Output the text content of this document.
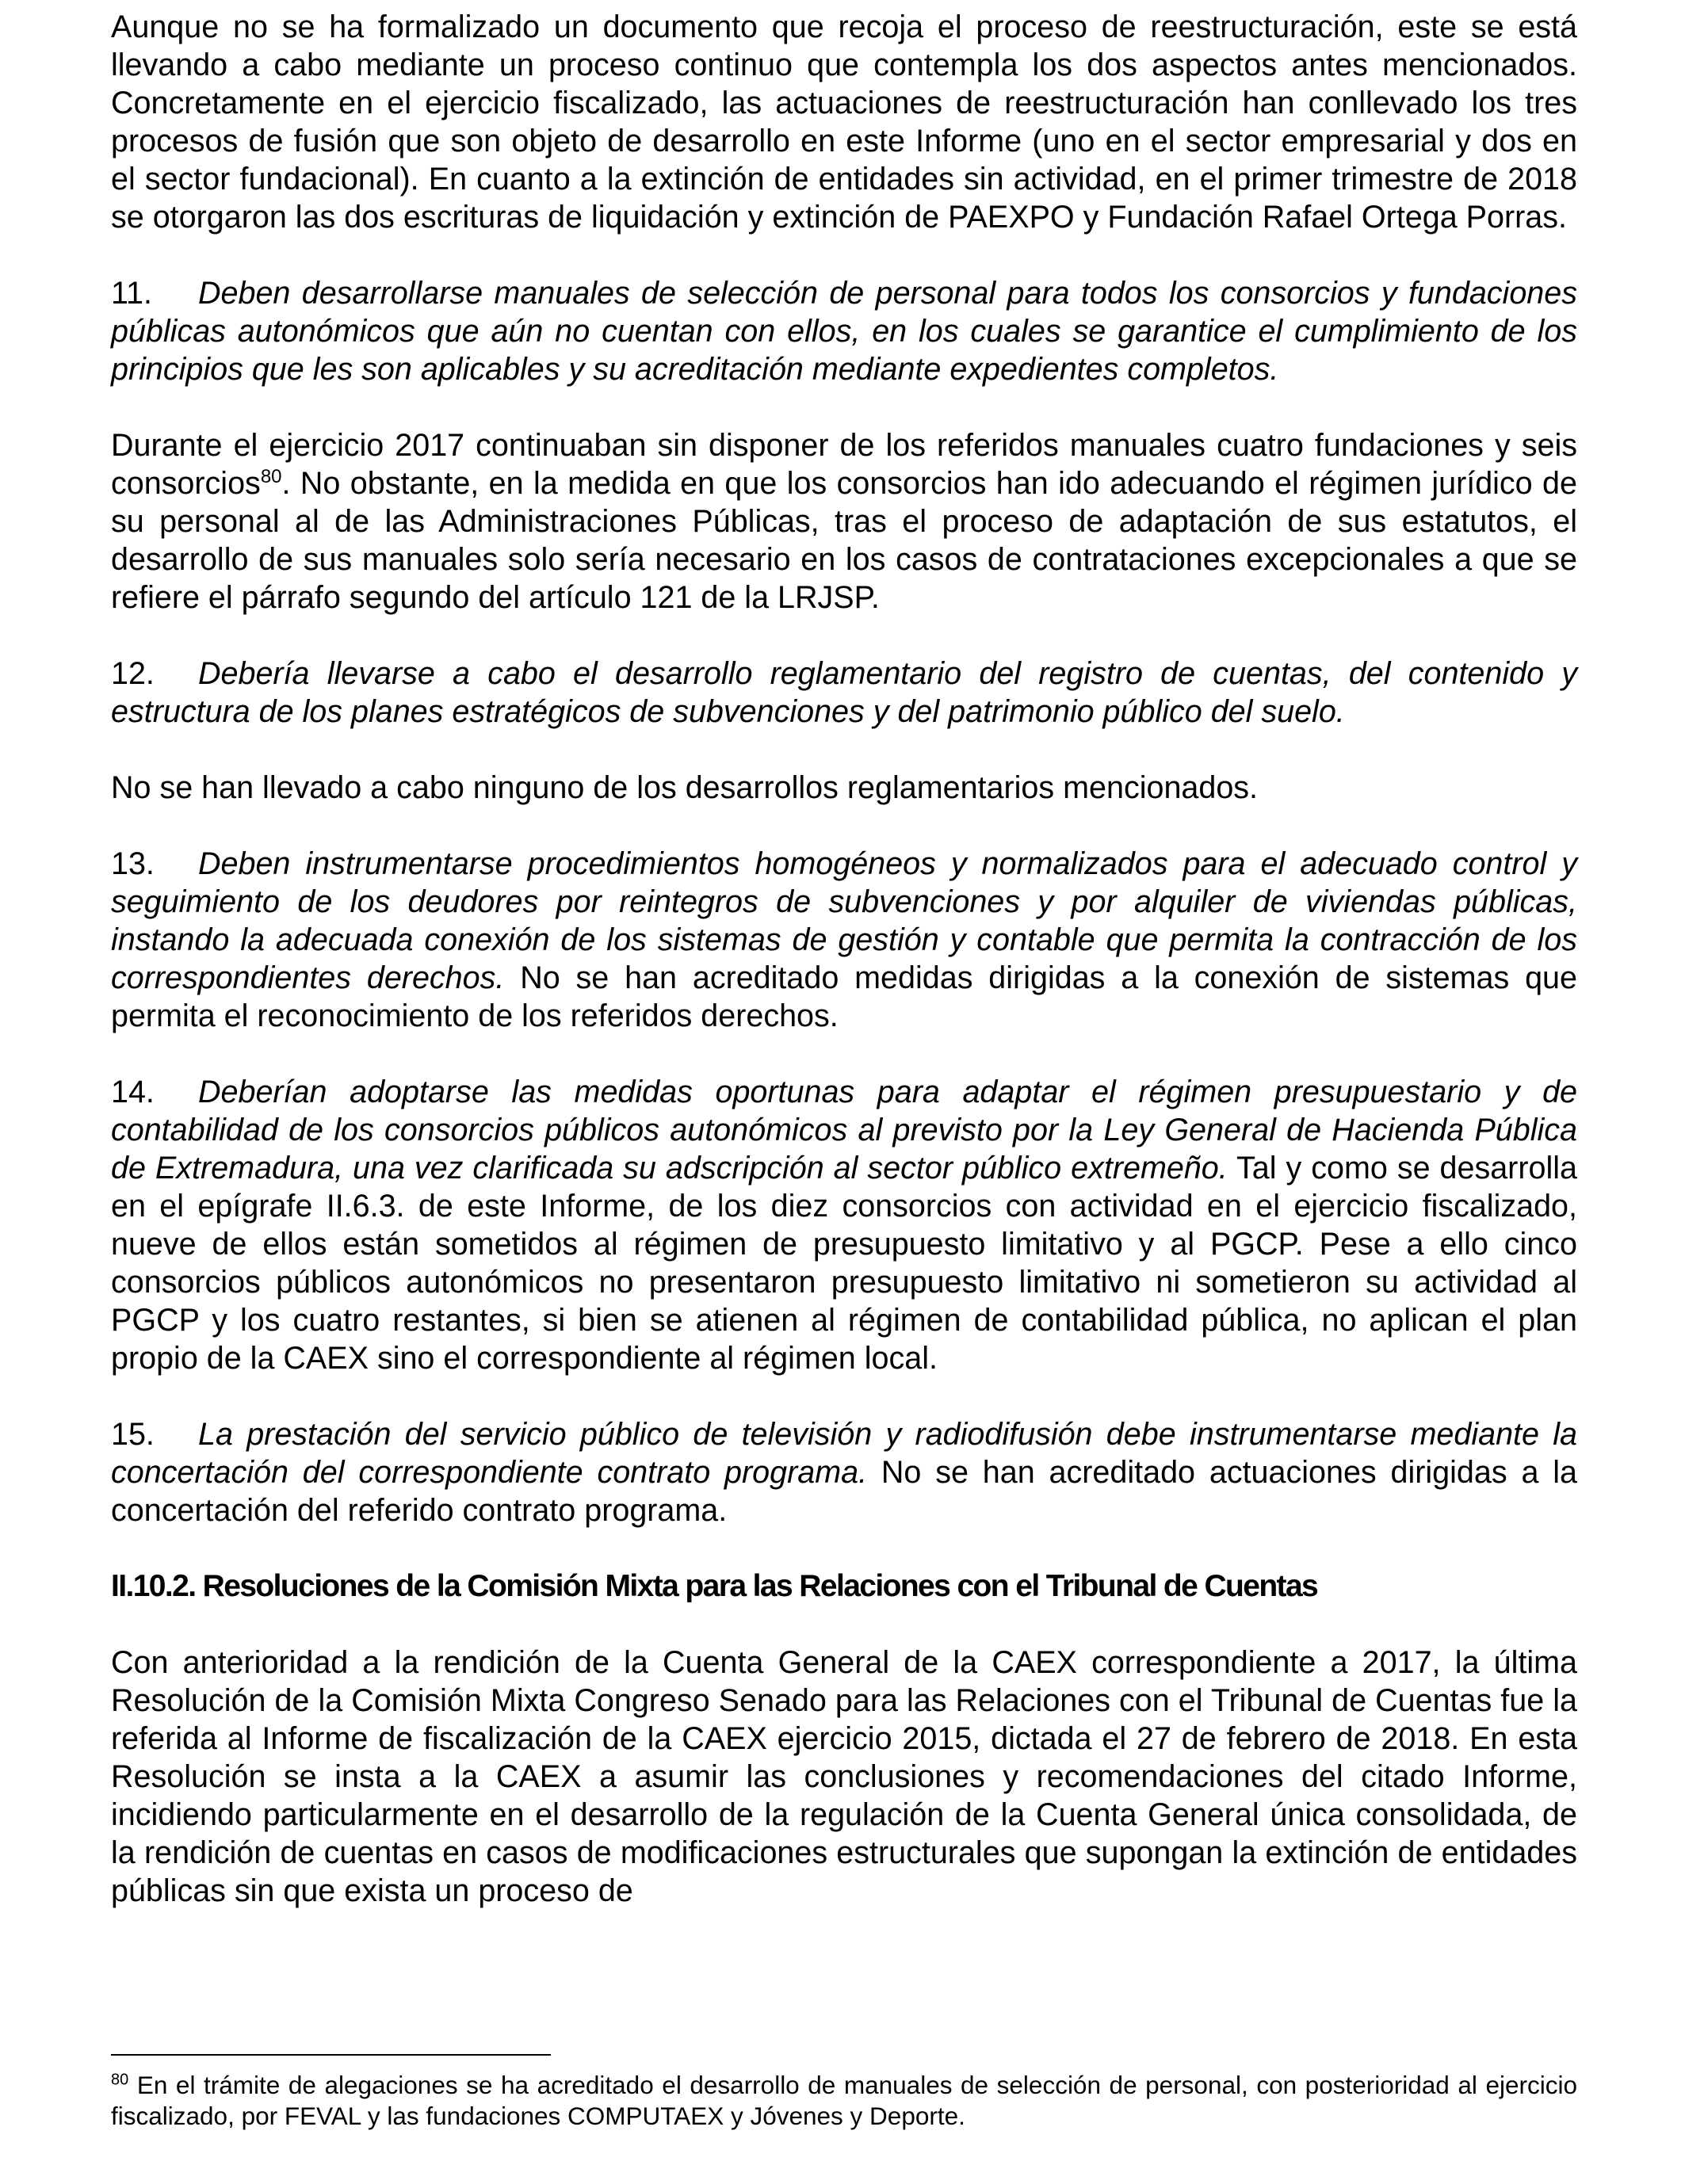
Aunque no se ha formalizado un documento que recoja el proceso de reestructuración, este se está llevando a cabo mediante un proceso continuo que contempla los dos aspectos antes mencionados. Concretamente en el ejercicio fiscalizado, las actuaciones de reestructuración han conllevado los tres procesos de fusión que son objeto de desarrollo en este Informe (uno en el sector empresarial y dos en el sector fundacional). En cuanto a la extinción de entidades sin actividad, en el primer trimestre de 2018 se otorgaron las dos escrituras de liquidación y extinción de PAEXPO y Fundación Rafael Ortega Porras.

11. Deben desarrollarse manuales de selección de personal para todos los consorcios y fundaciones públicas autonómicos que aún no cuentan con ellos, en los cuales se garantice el cumplimiento de los principios que les son aplicables y su acreditación mediante expedientes completos.

Durante el ejercicio 2017 continuaban sin disponer de los referidos manuales cuatro fundaciones y seis consorcios$^{80}$. No obstante, en la medida en que los consorcios han ido adecuando el régimen jurídico de su personal al de las Administraciones Públicas, tras el proceso de adaptación de sus estatutos, el desarrollo de sus manuales solo sería necesario en los casos de contrataciones excepcionales a que se refiere el párrafo segundo del artículo 121 de la LRJSP.

12. Debería llevarse a cabo el desarrollo reglamentario del registro de cuentas, del contenido y estructura de los planes estratégicos de subvenciones y del patrimonio público del suelo.

No se han llevado a cabo ninguno de los desarrollos reglamentarios mencionados.

13. Deben instrumentarse procedimientos homogéneos y normalizados para el adecuado control y seguimiento de los deudores por reintegros de subvenciones y por alquiler de viviendas públicas, instando la adecuada conexión de los sistemas de gestión y contable que permita la contracción de los correspondientes derechos. No se han acreditado medidas dirigidas a la conexión de sistemas que permita el reconocimiento de los referidos derechos.

14. Deberían adoptarse las medidas oportunas para adaptar el régimen presupuestario y de contabilidad de los consorcios públicos autonómicos al previsto por la Ley General de Hacienda Pública de Extremadura, una vez clarificada su adscripción al sector público extremeño. Tal y como se desarrolla en el epígrafe II.6.3. de este Informe, de los diez consorcios con actividad en el ejercicio fiscalizado, nueve de ellos están sometidos al régimen de presupuesto limitativo y al PGCP. Pese a ello cinco consorcios públicos autonómicos no presentaron presupuesto limitativo ni sometieron su actividad al PGCP y los cuatro restantes, si bien se atienen al régimen de contabilidad pública, no aplican el plan propio de la CAEX sino el correspondiente al régimen local.

15. La prestación del servicio público de televisión y radiodifusión debe instrumentarse mediante la concertación del correspondiente contrato programa. No se han acreditado actuaciones dirigidas a la concertación del referido contrato programa.

II.10.2. Resoluciones de la Comisión Mixta para las Relaciones con el Tribunal de Cuentas

Con anterioridad a la rendición de la Cuenta General de la CAEX correspondiente a 2017, la última Resolución de la Comisión Mixta Congreso Senado para las Relaciones con el Tribunal de Cuentas fue la referida al Informe de fiscalización de la CAEX ejercicio 2015, dictada el 27 de febrero de 2018. En esta Resolución se insta a la CAEX a asumir las conclusiones y recomendaciones del citado Informe, incidiendo particularmente en el desarrollo de la regulación de la Cuenta General única consolidada, de la rendición de cuentas en casos de modificaciones estructurales que supongan la extinción de entidades públicas sin que exista un proceso de

$^{80}$ En el trámite de alegaciones se ha acreditado el desarrollo de manuales de selección de personal, con posterioridad al ejercicio fiscalizado, por FEVAL y las fundaciones COMPUTAEX y Jóvenes y Deporte.
